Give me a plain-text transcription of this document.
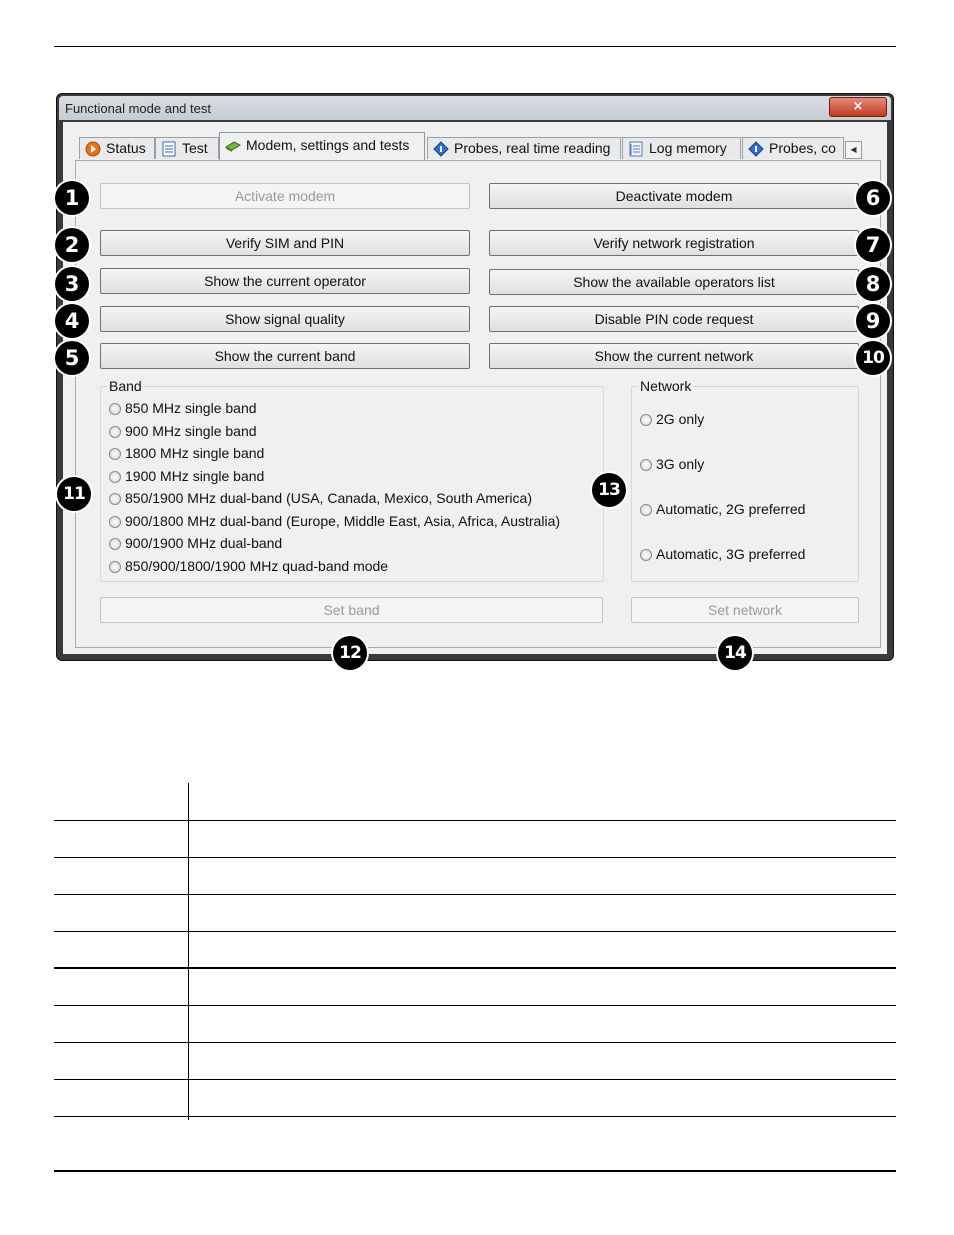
Functional mode and test	×
Status	Test	Modem, settings and tests	Probes, real time reading	Log memory	Probes, co	◀
Activate modem
Verify SIM and PIN
Show the current operator
Show signal quality
Show the current band
Deactivate modem
Verify network registration
Show the available operators list
Disable PIN code request
Show the current network
Band
850 MHz single band
900 MHz single band
1800 MHz single band
1900 MHz single band
850/1900 MHz dual-band (USA, Canada, Mexico, South America)
900/1800 MHz dual-band (Europe, Middle East, Asia, Africa, Australia)
900/1900 MHz dual-band
850/900/1800/1900 MHz quad-band mode
Network
2G only
3G only
Automatic, 2G preferred
Automatic, 3G preferred
Set band	Set network
1
2
3
4
5
6
7
8
9
10
11
12
13
14
